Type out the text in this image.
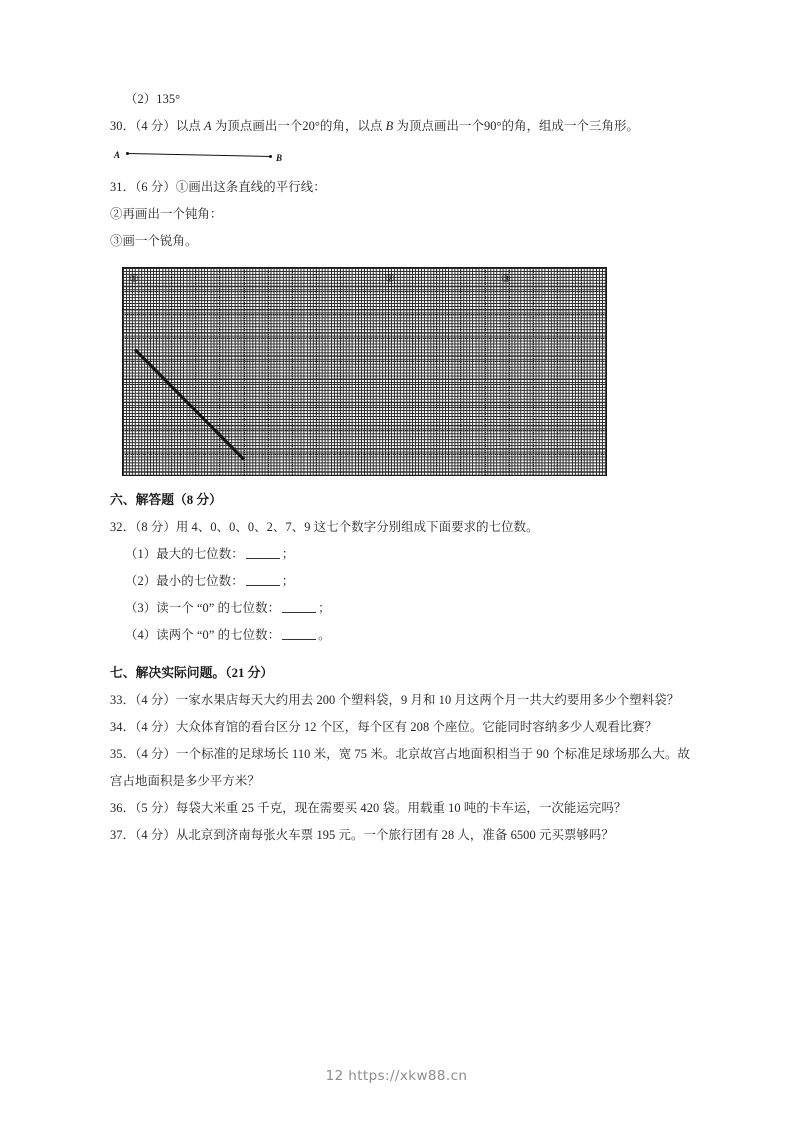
（2）135°
30．（4 分）以点 A 为顶点画出一个20°的角，以点 B 为顶点画出一个90°的角，组成一个三角形。
A	B
31．（6 分）①画出这条直线的平行线：
②再画出一个钝角：
③画一个锐角。
①	②	③
六、解答题（8 分）
32．（8 分）用 4、0、0、0、2、7、9 这七个数字分别组成下面要求的七位数。
（1）最大的七位数：	；
（2）最小的七位数：	；
（3）读一个 “0” 的七位数：	；
（4）读两个 “0” 的七位数：	。
七、解决实际问题。（21 分）
33．（4 分）一家水果店每天大约用去 200 个塑料袋，9 月和 10 月这两个月一共大约要用多少个塑料袋？
34．（4 分）大众体育馆的看台区分 12 个区，每个区有 208 个座位。它能同时容纳多少人观看比赛？
35．（4 分）一个标准的足球场长 110 米，宽 75 米。北京故宫占地面积相当于 90 个标准足球场那么大。故宫占地面积是多少平方米？
36．（5 分）每袋大米重 25 千克，现在需要买 420 袋。用载重 10 吨的卡车运，一次能运完吗？
37．（4 分）从北京到济南每张火车票 195 元。一个旅行团有 28 人，准备 6500 元买票够吗？
12 https://xkw88.cn
